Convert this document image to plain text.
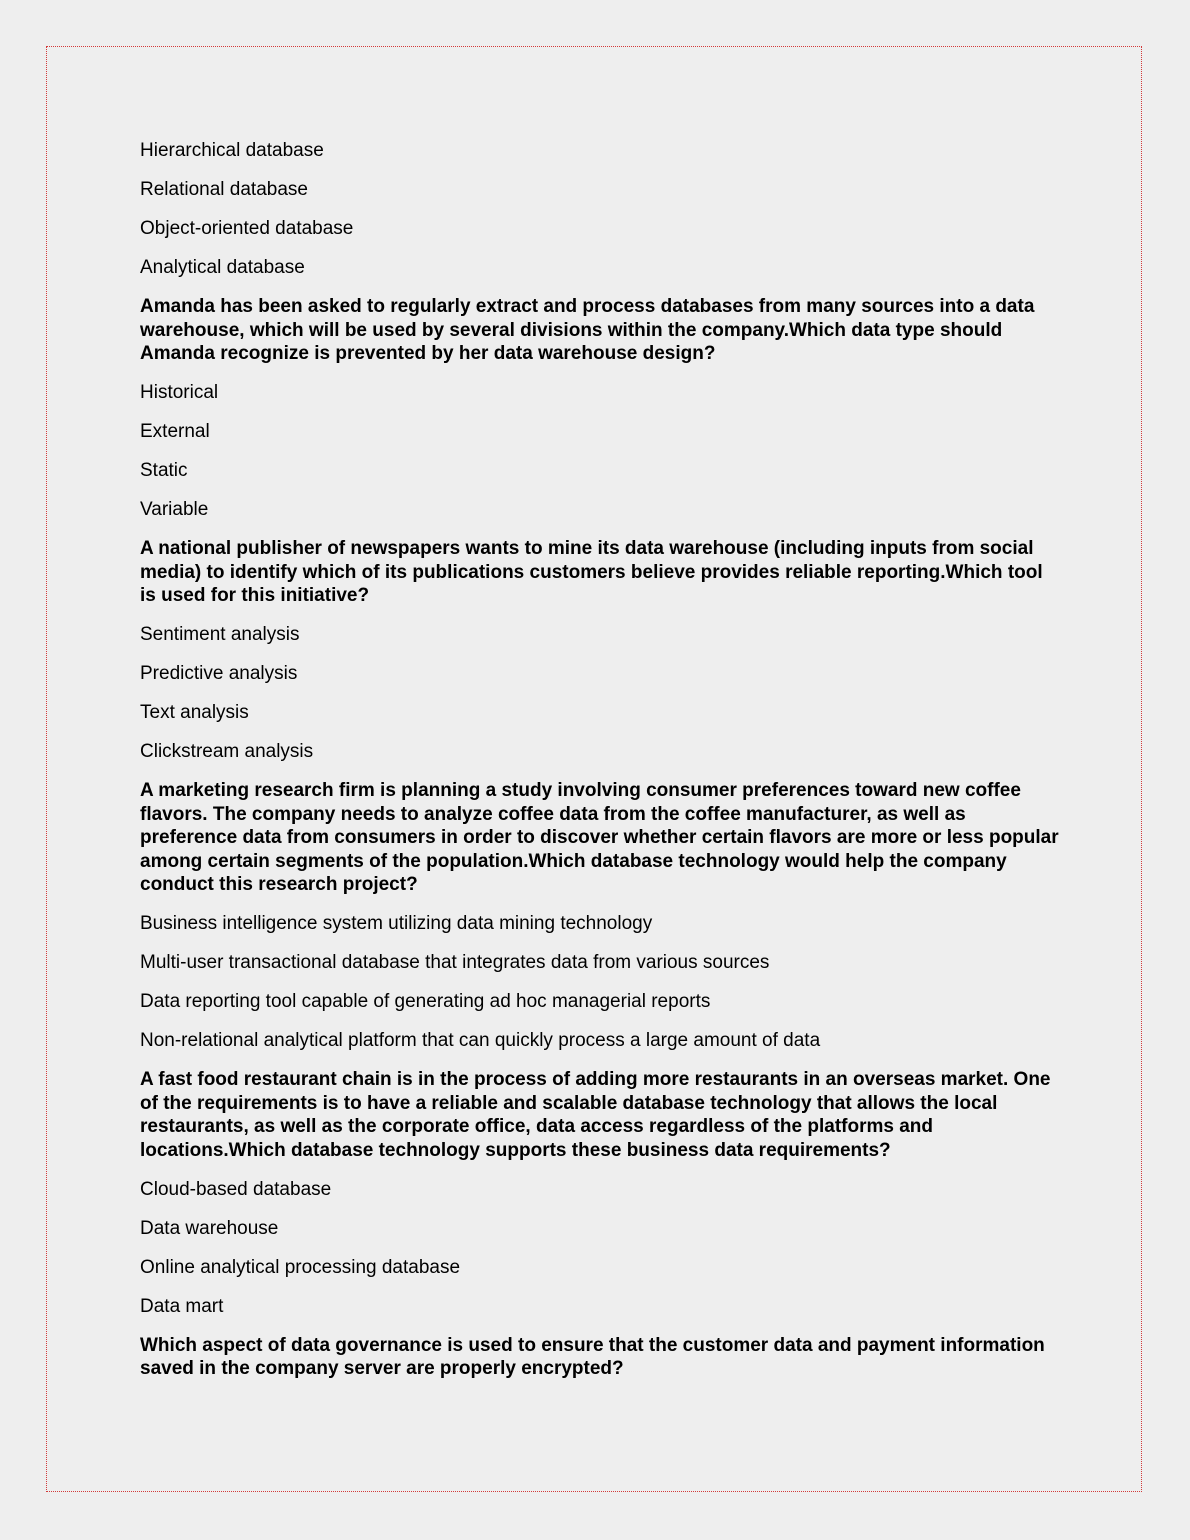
Hierarchical database

Relational database

Object-oriented database

Analytical database

Amanda has been asked to regularly extract and process databases from many sources into a data warehouse, which will be used by several divisions within the company.Which data type should Amanda recognize is prevented by her data warehouse design?

Historical

External

Static

Variable

A national publisher of newspapers wants to mine its data warehouse (including inputs from social media) to identify which of its publications customers believe provides reliable reporting.Which tool is used for this initiative?

Sentiment analysis

Predictive analysis

Text analysis

Clickstream analysis

A marketing research firm is planning a study involving consumer preferences toward new coffee flavors. The company needs to analyze coffee data from the coffee manufacturer, as well as preference data from consumers in order to discover whether certain flavors are more or less popular among certain segments of the population.Which database technology would help the company conduct this research project?

Business intelligence system utilizing data mining technology

Multi-user transactional database that integrates data from various sources

Data reporting tool capable of generating ad hoc managerial reports

Non-relational analytical platform that can quickly process a large amount of data

A fast food restaurant chain is in the process of adding more restaurants in an overseas market. One of the requirements is to have a reliable and scalable database technology that allows the local restaurants, as well as the corporate office, data access regardless of the platforms and locations.Which database technology supports these business data requirements?

Cloud-based database

Data warehouse

Online analytical processing database

Data mart

Which aspect of data governance is used to ensure that the customer data and payment information saved in the company server are properly encrypted?
